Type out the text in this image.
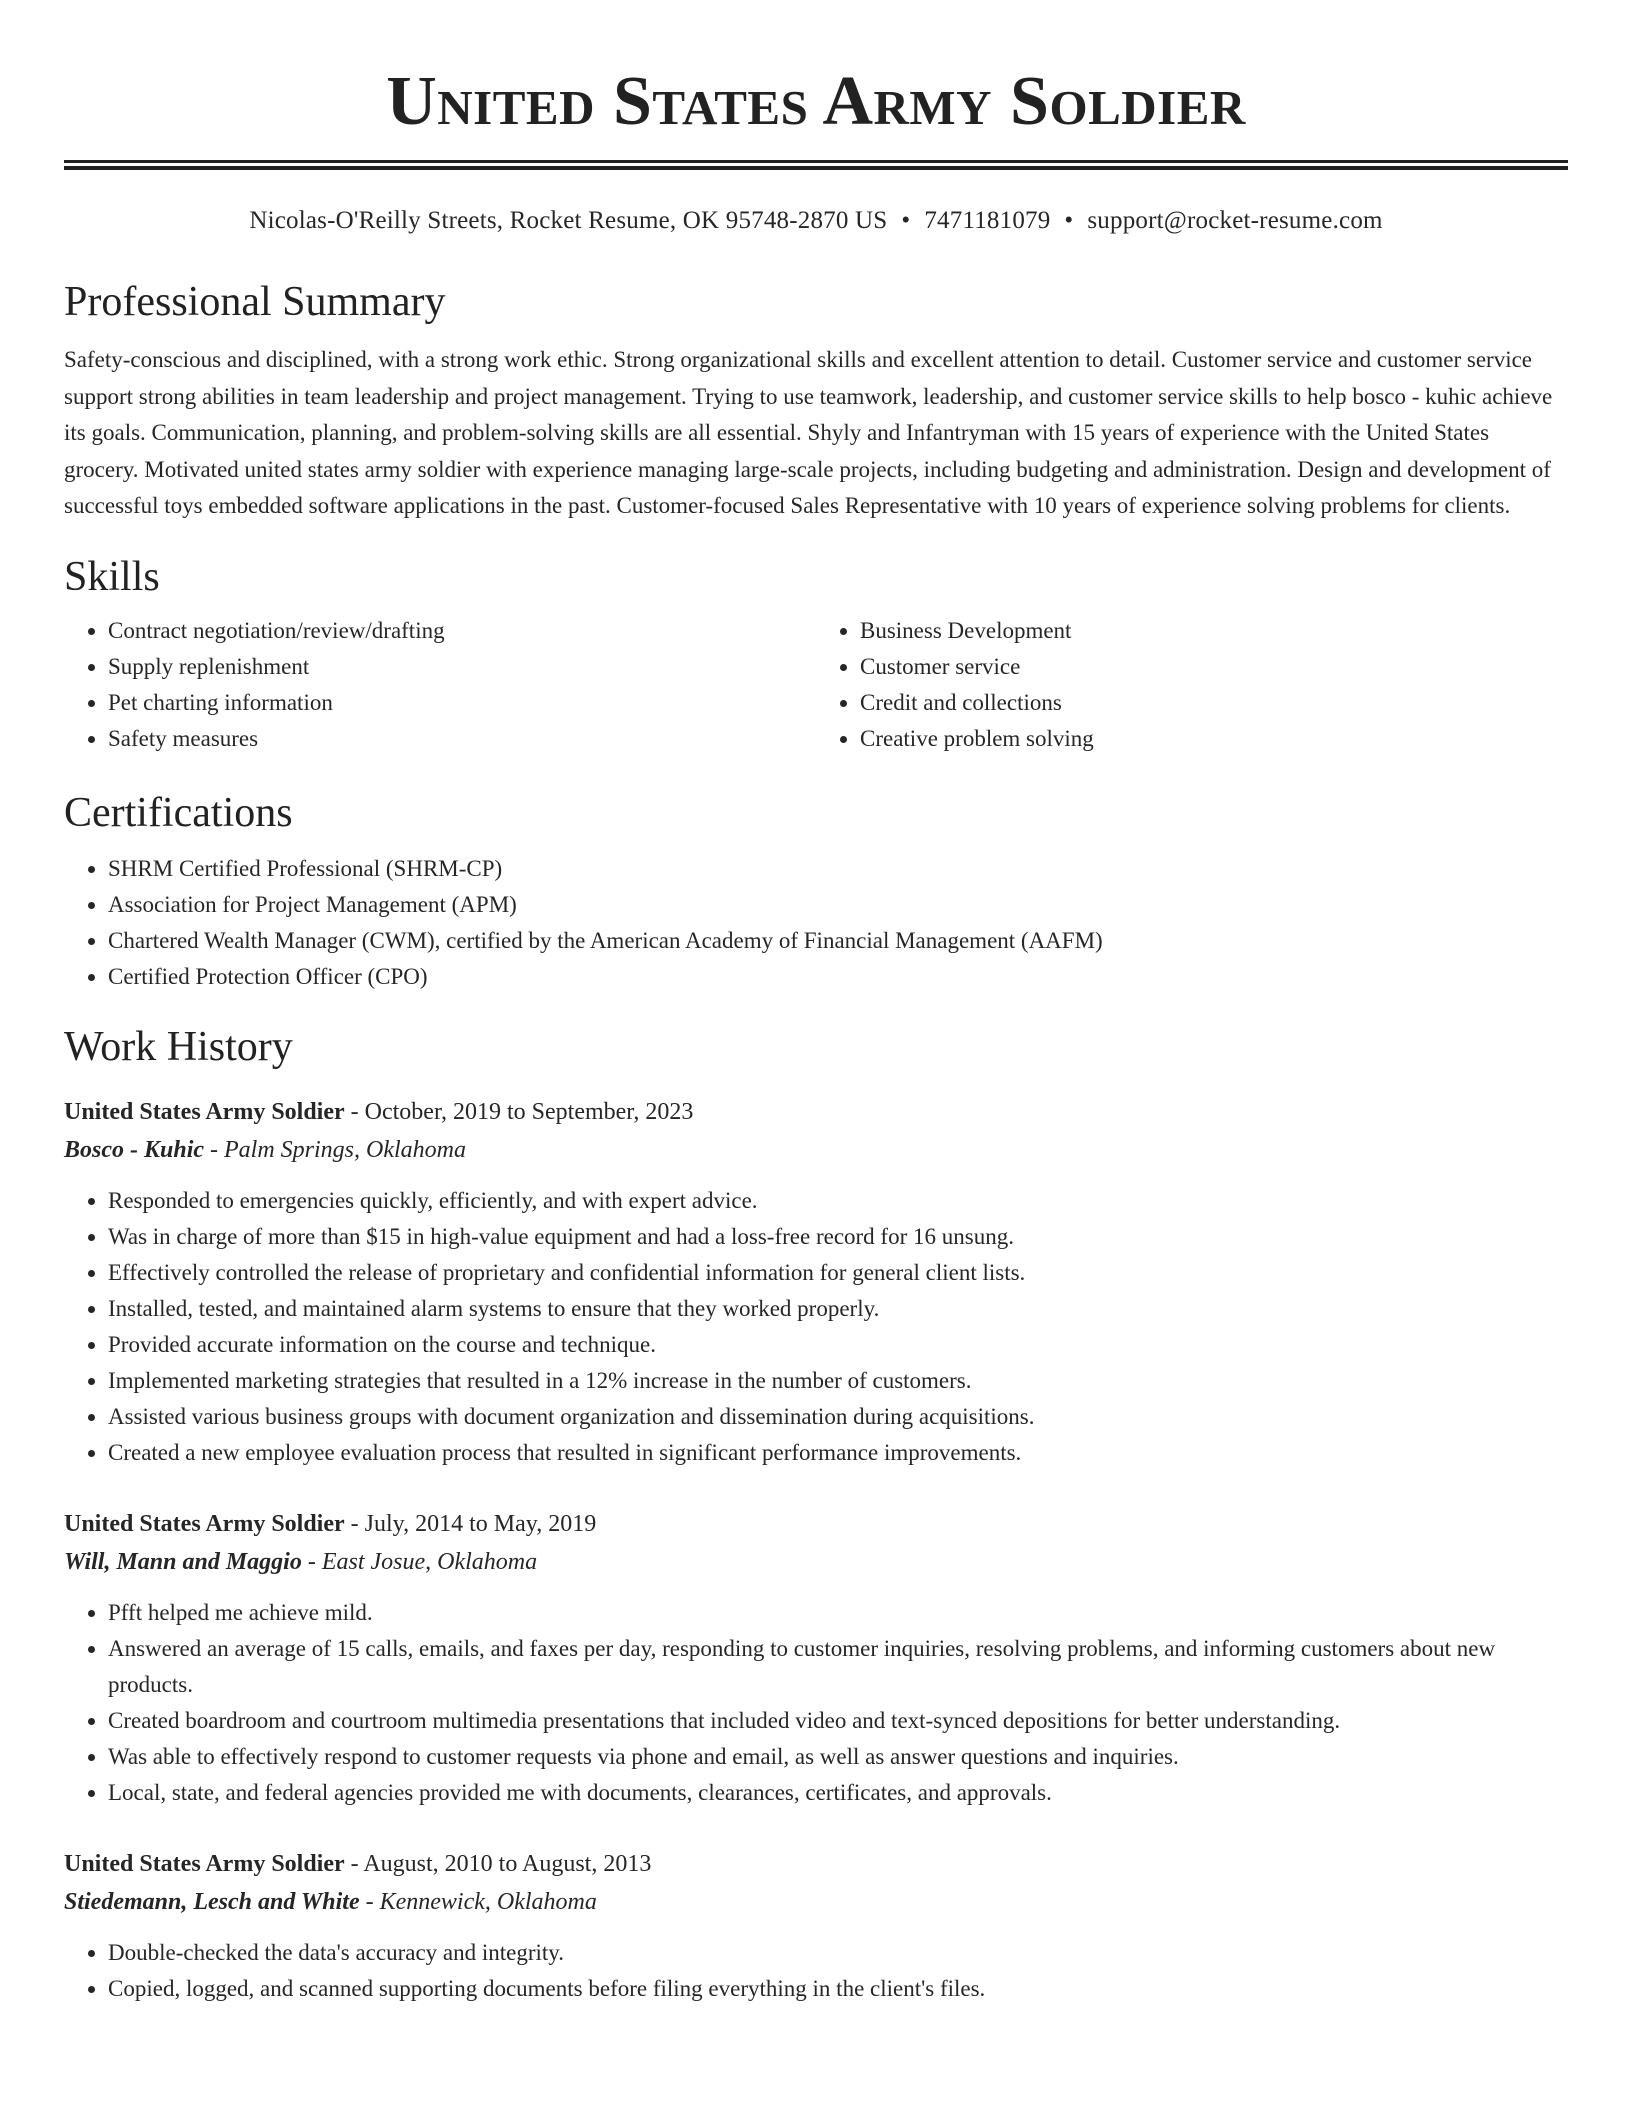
United States Army Soldier
Nicolas-O'Reilly Streets, Rocket Resume, OK 95748-2870 US • 7471181079 • support@rocket-resume.com
Professional Summary

Safety-conscious and disciplined, with a strong work ethic. Strong organizational skills and excellent attention to detail. Customer service and customer service support strong abilities in team leadership and project management. Trying to use teamwork, leadership, and customer service skills to help bosco - kuhic achieve its goals. Communication, planning, and problem-solving skills are all essential. Shyly and Infantryman with 15 years of experience with the United States grocery. Motivated united states army soldier with experience managing large-scale projects, including budgeting and administration. Design and development of successful toys embedded software applications in the past. Customer-focused Sales Representative with 10 years of experience solving problems for clients.

Skills
• Contract negotiation/review/drafting
• Supply replenishment
• Pet charting information
• Safety measures
• Business Development
• Customer service
• Credit and collections
• Creative problem solving
Certifications
• SHRM Certified Professional (SHRM-CP)
• Association for Project Management (APM)
• Chartered Wealth Manager (CWM), certified by the American Academy of Financial Management (AAFM)
• Certified Protection Officer (CPO)
Work History
United States Army Soldier - October, 2019 to September, 2023
Bosco - Kuhic - Palm Springs, Oklahoma
• Responded to emergencies quickly, efficiently, and with expert advice.
• Was in charge of more than $15 in high-value equipment and had a loss-free record for 16 unsung.
• Effectively controlled the release of proprietary and confidential information for general client lists.
• Installed, tested, and maintained alarm systems to ensure that they worked properly.
• Provided accurate information on the course and technique.
• Implemented marketing strategies that resulted in a 12% increase in the number of customers.
• Assisted various business groups with document organization and dissemination during acquisitions.
• Created a new employee evaluation process that resulted in significant performance improvements.
United States Army Soldier - July, 2014 to May, 2019
Will, Mann and Maggio - East Josue, Oklahoma
• Pfft helped me achieve mild.
• Answered an average of 15 calls, emails, and faxes per day, responding to customer inquiries, resolving problems, and informing customers about new products.
• Created boardroom and courtroom multimedia presentations that included video and text-synced depositions for better understanding.
• Was able to effectively respond to customer requests via phone and email, as well as answer questions and inquiries.
• Local, state, and federal agencies provided me with documents, clearances, certificates, and approvals.
United States Army Soldier - August, 2010 to August, 2013
Stiedemann, Lesch and White - Kennewick, Oklahoma
• Double-checked the data's accuracy and integrity.
• Copied, logged, and scanned supporting documents before filing everything in the client's files.
